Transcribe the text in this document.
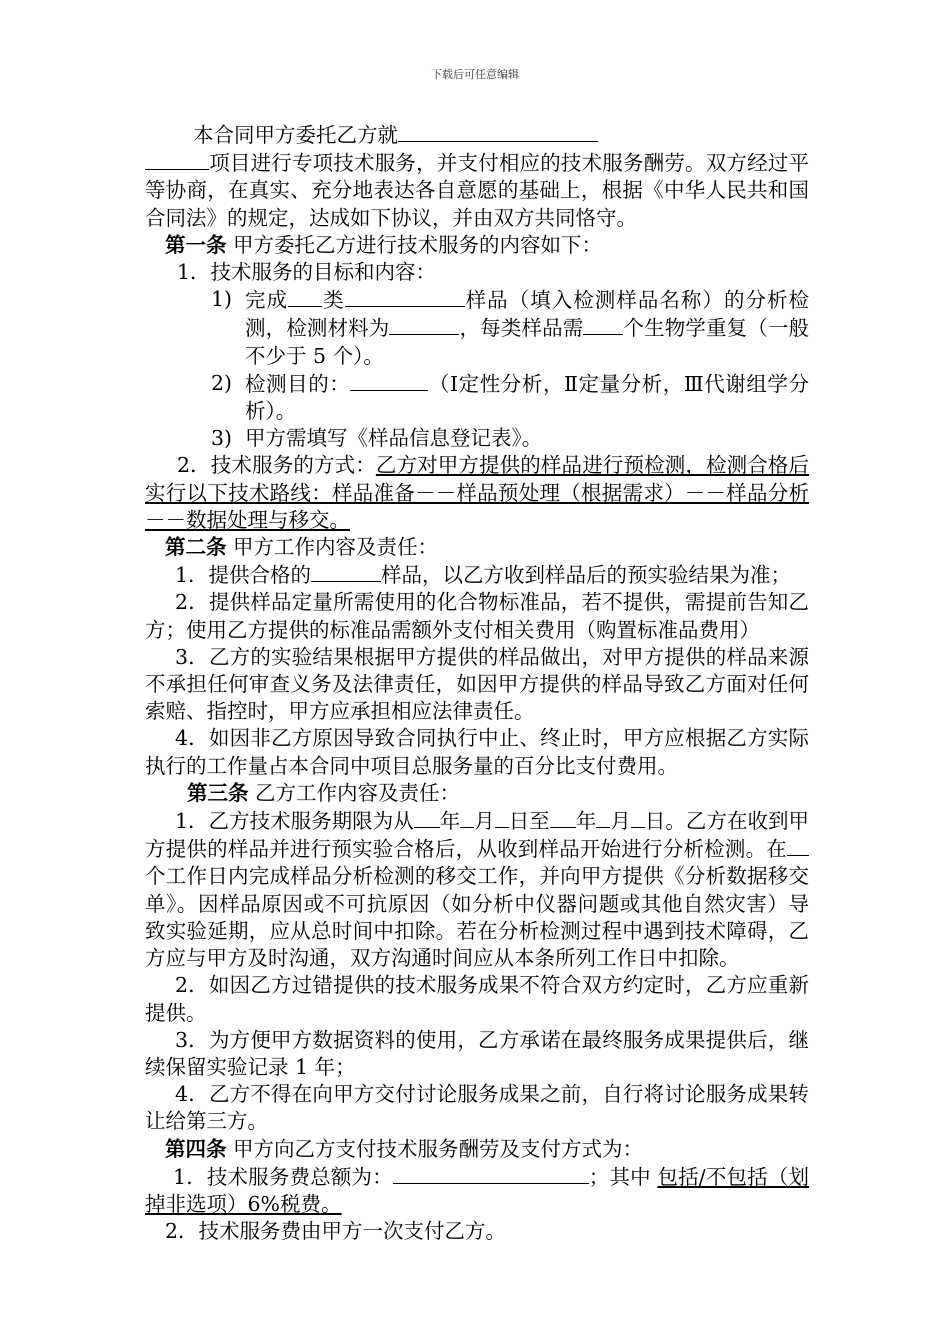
下载后可任意编辑

本合同甲方委托乙方就
项目进行专项技术服务，并支付相应的技术服务酬劳。双方经过平等协商，在真实、充分地表达各自意愿的基础上，根据《中华人民共和国合同法》的规定，达成如下协议，并由双方共同恪守。

第一条 甲方委托乙方进行技术服务的内容如下：

1．技术服务的目标和内容：

1) 完成 类	样品（填入检测样品名称）的分析检测，检测材料为	，每类样品需 个生物学重复（一般不少于 5 个）。
2) 检测目的：	（Ⅰ定性分析，Ⅱ定量分析，Ⅲ代谢组学分析）。
3) 甲方需填写《样品信息登记表》。

2．技术服务的方式：乙方对甲方提供的样品进行预检测，检测合格后实行以下技术路线：样品准备－－样品预处理（根据需求）－－样品分析－－数据处理与移交。

第二条 甲方工作内容及责任：

1．提供合格的	样品，以乙方收到样品后的预实验结果为准；

2．提供样品定量所需使用的化合物标准品，若不提供，需提前告知乙方；使用乙方提供的标准品需额外支付相关费用（购置标准品费用）

3．乙方的实验结果根据甲方提供的样品做出，对甲方提供的样品来源不承担任何审查义务及法律责任，如因甲方提供的样品导致乙方面对任何索赔、指控时，甲方应承担相应法律责任。

4．如因非乙方原因导致合同执行中止、终止时，甲方应根据乙方实际执行的工作量占本合同中项目总服务量的百分比支付费用。

第三条 乙方工作内容及责任：

1．乙方技术服务期限为从 年 月 日至 年 月 日。乙方在收到甲方提供的样品并进行预实验合格后，从收到样品开始进行分析检测。在个工作日内完成样品分析检测的移交工作，并向甲方提供《分析数据移交单》。因样品原因或不可抗原因（如分析中仪器问题或其他自然灾害）导致实验延期，应从总时间中扣除。若在分析检测过程中遇到技术障碍，乙方应与甲方及时沟通，双方沟通时间应从本条所列工作日中扣除。

2．如因乙方过错提供的技术服务成果不符合双方约定时，乙方应重新提供。

3．为方便甲方数据资料的使用，乙方承诺在最终服务成果提供后，继续保留实验记录 1 年；

4．乙方不得在向甲方交付讨论服务成果之前，自行将讨论服务成果转让给第三方。

第四条 甲方向乙方支付技术服务酬劳及支付方式为：

1．技术服务费总额为：	；其中 包括/不包括（划掉非选项）6%税费。

2．技术服务费由甲方一次支付乙方。
